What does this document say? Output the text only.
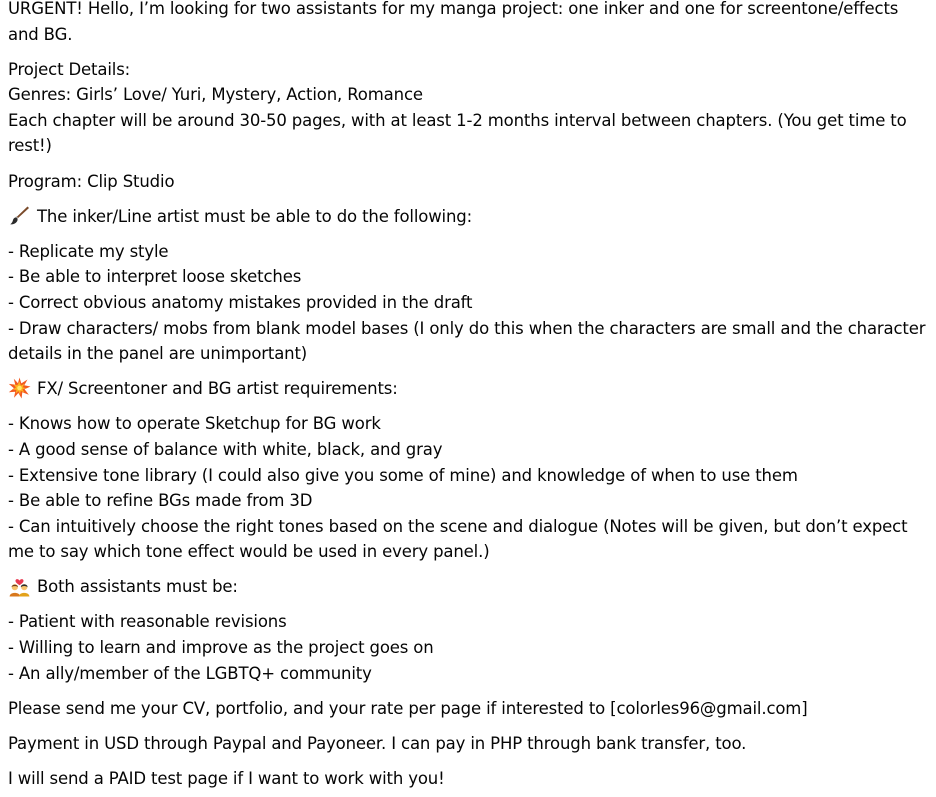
URGENT! Hello, I’m looking for two assistants for my manga project: one inker and one for screentone/effects and BG.
Project Details:
Genres: Girls’ Love/ Yuri, Mystery, Action, Romance
Each chapter will be around 30-50 pages, with at least 1-2 months interval between chapters. (You get time to rest!)
Program: Clip Studio
The inker/Line artist must be able to do the following:
- Replicate my style
- Be able to interpret loose sketches
- Correct obvious anatomy mistakes provided in the draft
- Draw characters/ mobs from blank model bases (I only do this when the characters are small and the character details in the panel are unimportant)
FX/ Screentoner and BG artist requirements:
- Knows how to operate Sketchup for BG work
- A good sense of balance with white, black, and gray
- Extensive tone library (I could also give you some of mine) and knowledge of when to use them
- Be able to refine BGs made from 3D
- Can intuitively choose the right tones based on the scene and dialogue (Notes will be given, but don’t expect me to say which tone effect would be used in every panel.)
Both assistants must be:
- Patient with reasonable revisions
- Willing to learn and improve as the project goes on
- An ally/member of the LGBTQ+ community
Please send me your CV, portfolio, and your rate per page if interested to [colorles96@gmail.com]
Payment in USD through Paypal and Payoneer. I can pay in PHP through bank transfer, too.
I will send a PAID test page if I want to work with you!
